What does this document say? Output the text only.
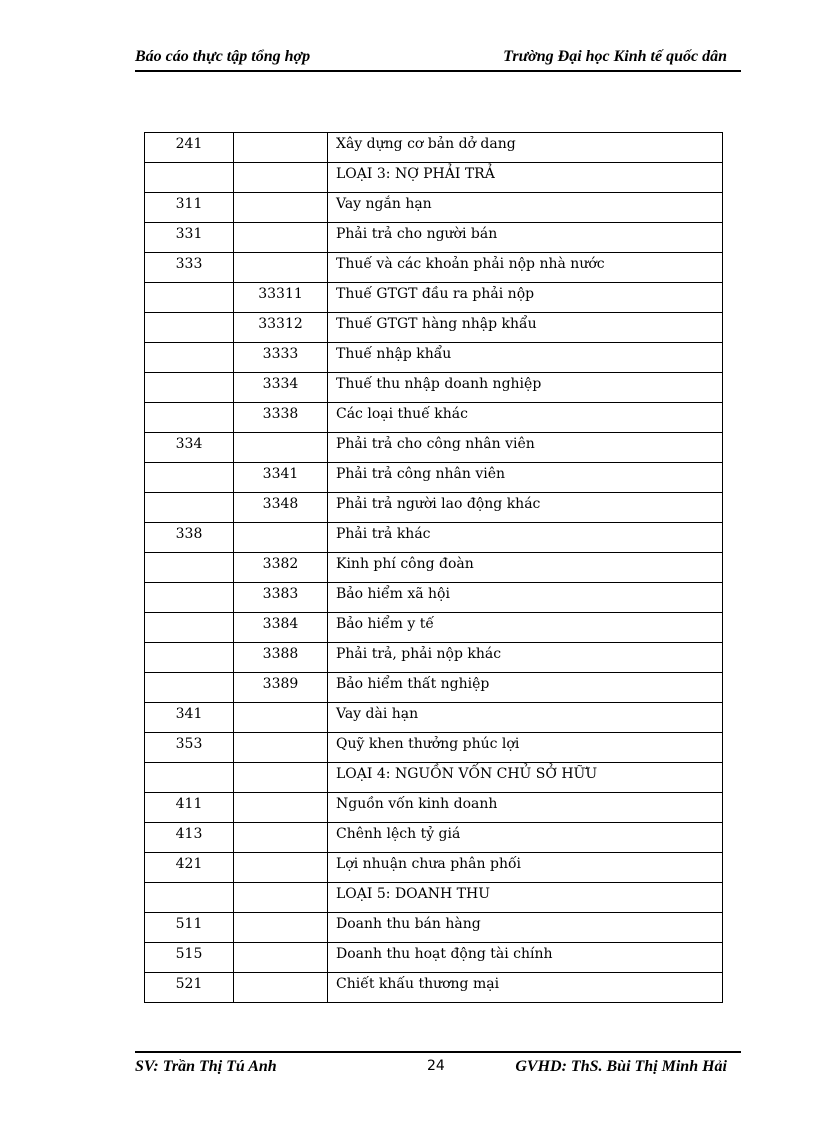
Báo cáo thực tập tổng hợp	Trường Đại học Kinh tế quốc dân
241		Xây dựng cơ bản dở dang
		LOẠI 3: NỢ PHẢI TRẢ
311		Vay ngắn hạn
331		Phải trả cho người bán
333		Thuế và các khoản phải nộp nhà nước
	33311	Thuế GTGT đầu ra phải nộp
	33312	Thuế GTGT hàng nhập khẩu
	3333	Thuế nhập khẩu
	3334	Thuế thu nhập doanh nghiệp
	3338	Các loại thuế khác
334		Phải trả cho công nhân viên
	3341	Phải trả công nhân viên
	3348	Phải trả người lao động khác
338		Phải trả khác
	3382	Kinh phí công đoàn
	3383	Bảo hiểm xã hội
	3384	Bảo hiểm y tế
	3388	Phải trả, phải nộp khác
	3389	Bảo hiểm thất nghiệp
341		Vay dài hạn
353		Quỹ khen thưởng phúc lợi
		LOẠI 4: NGUỒN VỐN CHỦ SỞ HỮU
411		Nguồn vốn kinh doanh
413		Chênh lệch tỷ giá
421		Lợi nhuận chưa phân phối
		LOẠI 5: DOANH THU
511		Doanh thu bán hàng
515		Doanh thu hoạt động tài chính
521		Chiết khấu thương mại
SV: Trần Thị Tú Anh	24	GVHD: ThS. Bùi Thị Minh Hải
